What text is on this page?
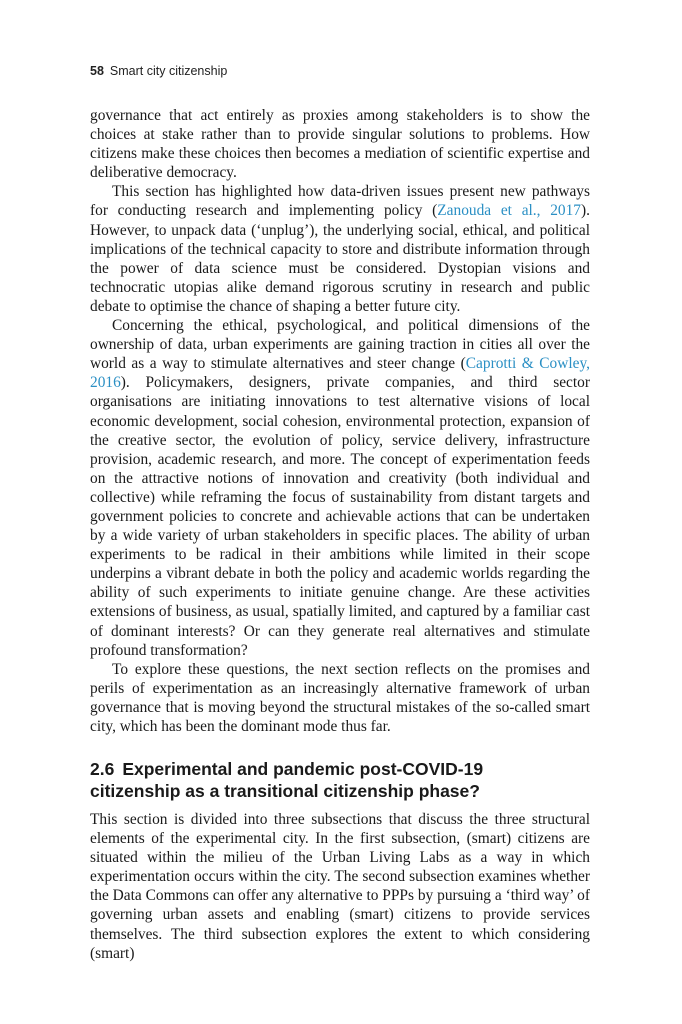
58 Smart city citizenship

governance that act entirely as proxies among stakeholders is to show the choices at stake rather than to provide singular solutions to problems. How citizens make these choices then becomes a mediation of scientific expertise and deliberative democracy.

This section has highlighted how data-driven issues present new pathways for conducting research and implementing policy (Zanouda et al., 2017). However, to unpack data (‘unplug’), the underlying social, ethical, and political implications of the technical capacity to store and distribute information through the power of data science must be considered. Dystopian visions and technocratic utopias alike demand rigorous scrutiny in research and public debate to optimise the chance of shaping a better future city.

Concerning the ethical, psychological, and political dimensions of the ownership of data, urban experiments are gaining traction in cities all over the world as a way to stimulate alternatives and steer change (Caprotti & Cowley, 2016). Policymakers, designers, private companies, and third sector organisations are initiating innovations to test alternative visions of local economic development, social cohesion, environmental protection, expansion of the creative sector, the evolution of policy, service delivery, infrastructure provision, academic research, and more. The concept of experimentation feeds on the attractive notions of innovation and creativity (both individual and collective) while reframing the focus of sustainability from distant targets and government policies to concrete and achievable actions that can be undertaken by a wide variety of urban stakeholders in specific places. The ability of urban experiments to be radical in their ambitions while limited in their scope underpins a vibrant debate in both the policy and academic worlds regarding the ability of such experiments to initiate genuine change. Are these activities extensions of business, as usual, spatially limited, and captured by a familiar cast of dominant interests? Or can they generate real alternatives and stimulate profound transformation?

To explore these questions, the next section reflects on the promises and perils of experimentation as an increasingly alternative framework of urban governance that is moving beyond the structural mistakes of the so-called smart city, which has been the dominant mode thus far.

2.6 Experimental and pandemic post-COVID-19
citizenship as a transitional citizenship phase?

This section is divided into three subsections that discuss the three structural elements of the experimental city. In the first subsection, (smart) citizens are situated within the milieu of the Urban Living Labs as a way in which experimentation occurs within the city. The second subsection examines whether the Data Commons can offer any alternative to PPPs by pursuing a ‘third way’ of governing urban assets and enabling (smart) citizens to provide services themselves. The third subsection explores the extent to which considering (smart)
